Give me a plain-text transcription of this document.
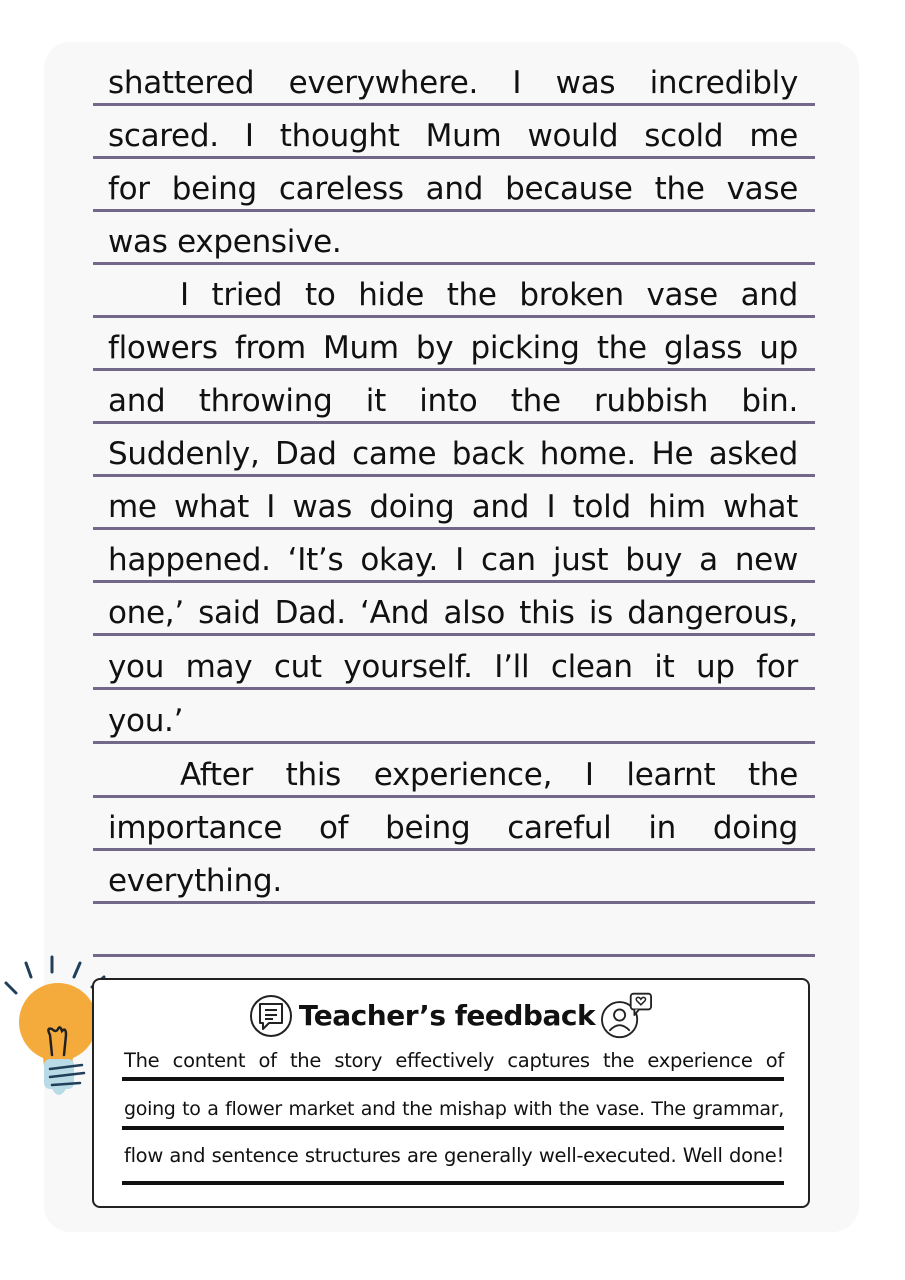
shattered everywhere. I was incredibly
scared. I thought Mum would scold me
for being careless and because the vase
was expensive.
I tried to hide the broken vase and
flowers from Mum by picking the glass up
and throwing it into the rubbish bin.
Suddenly, Dad came back home. He asked
me what I was doing and I told him what
happened. ‘It’s okay. I can just buy a new
one,’ said Dad. ‘And also this is dangerous,
you may cut yourself. I’ll clean it up for
you.’
After this experience, I learnt the
importance of being careful in doing
everything.
Teacher’s feedback
The content of the story effectively captures the experience of
going to a flower market and the mishap with the vase. The grammar,
flow and sentence structures are generally well-executed. Well done!
